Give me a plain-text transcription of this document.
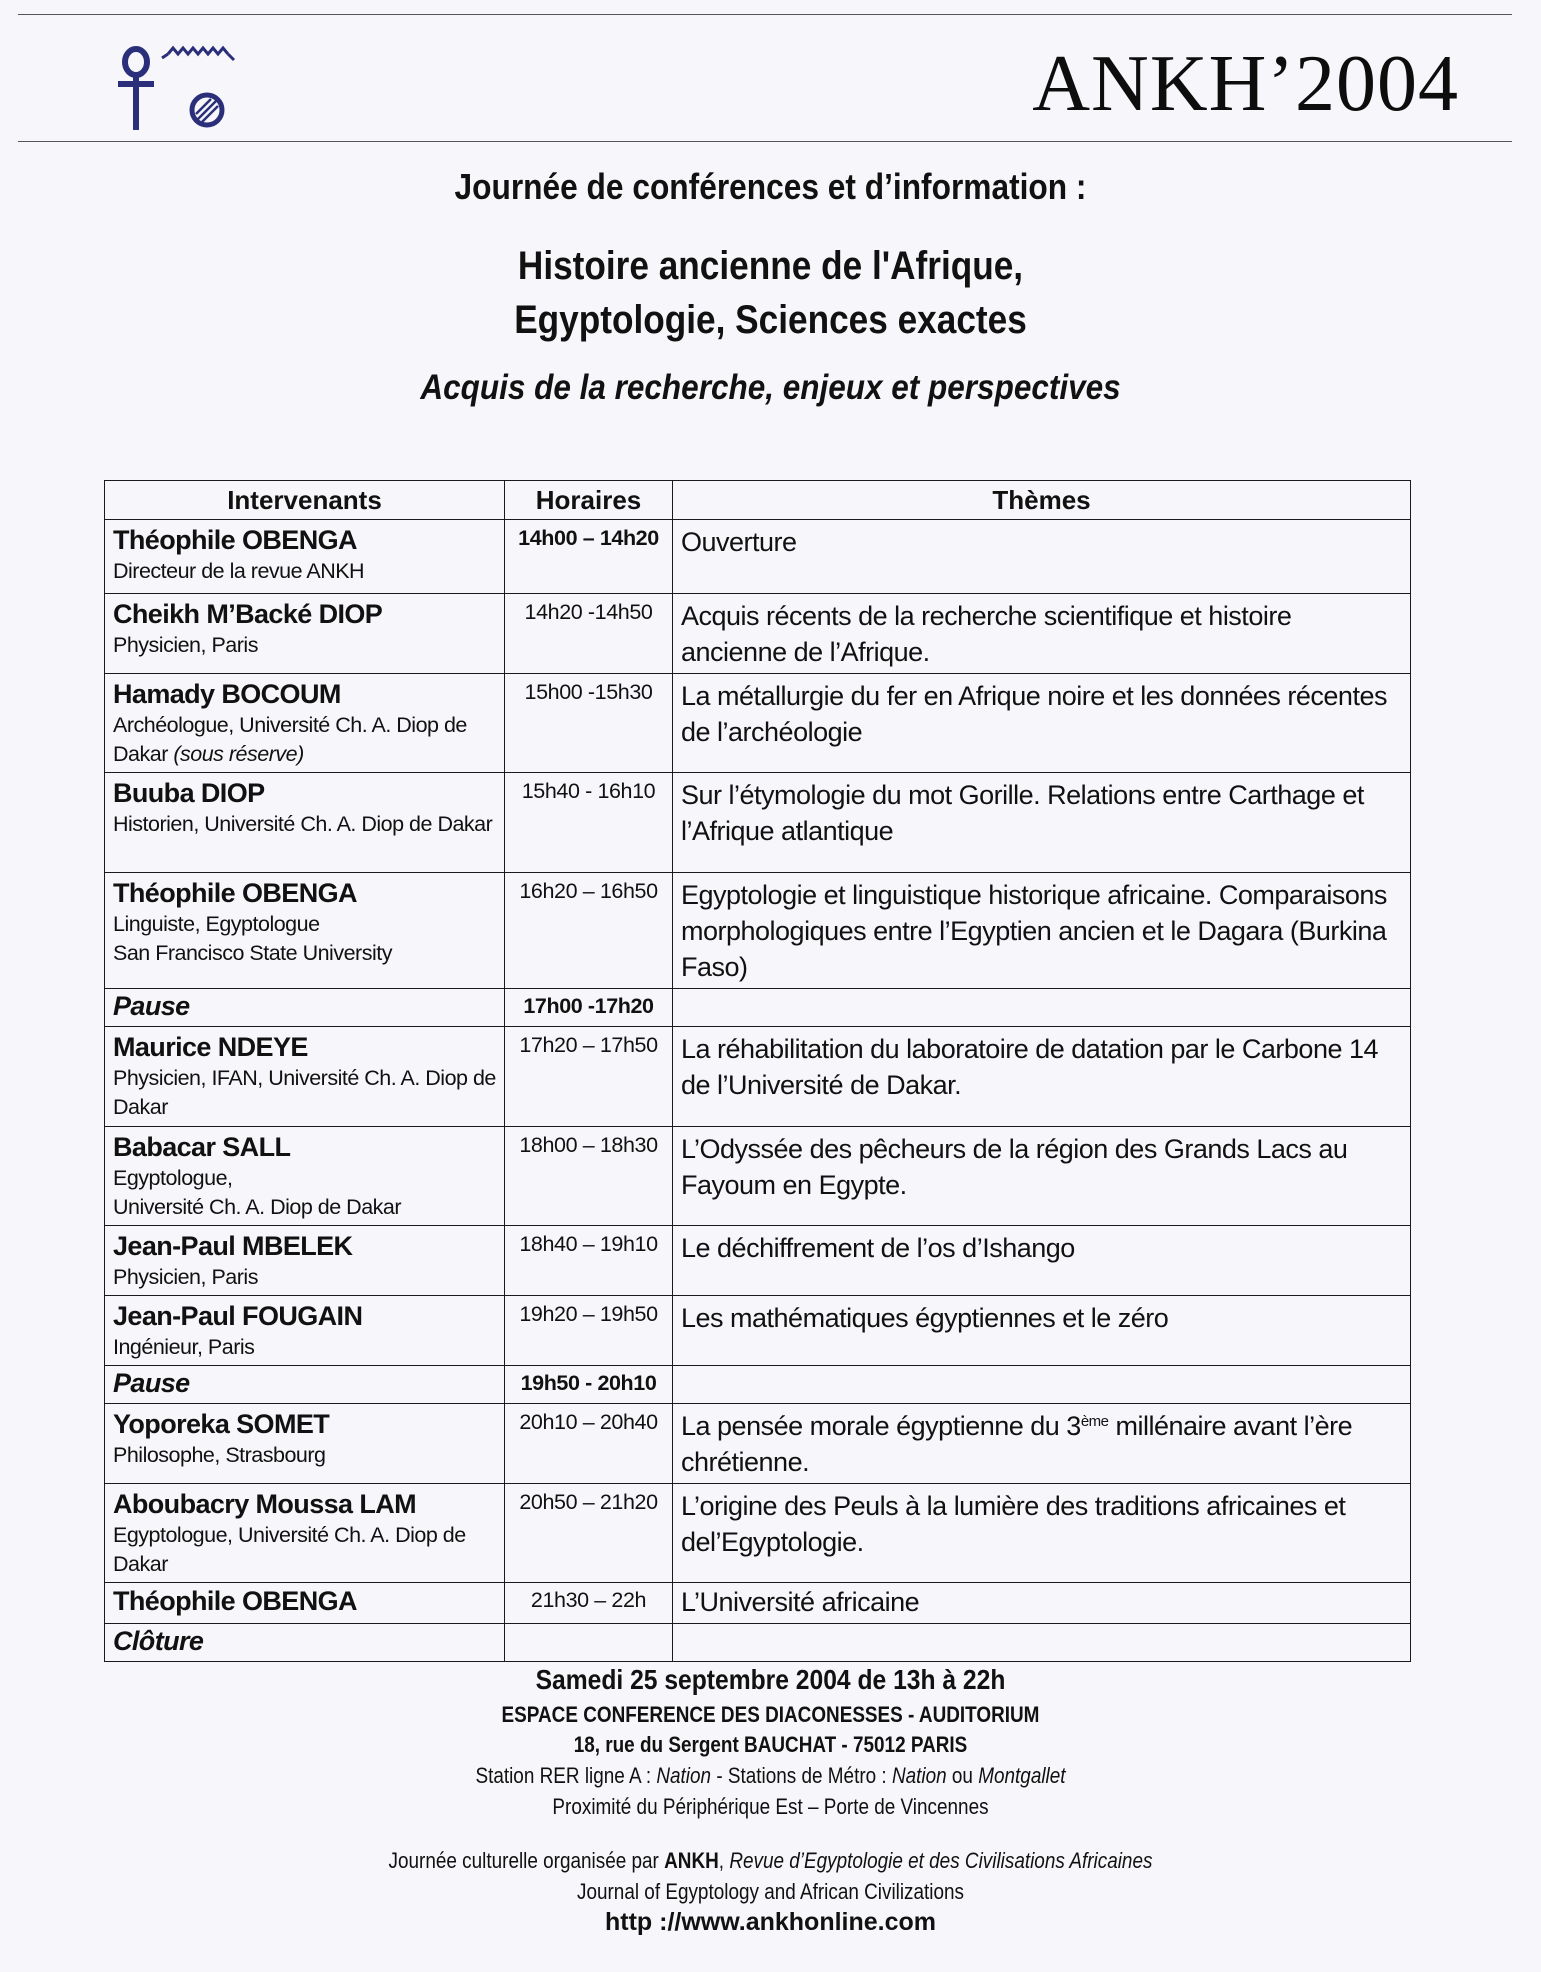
ANKH’2004
Journée de conférences et d’information :
Histoire ancienne de l'Afrique,
Egyptologie, Sciences exactes
Acquis de la recherche, enjeux et perspectives
Intervenants	Horaires	Thèmes

Théophile OBENGA
Directeur de la revue ANKH	14h00 – 14h20	Ouverture

Cheikh M’Backé DIOP
Physicien, Paris	14h20 -14h50	Acquis récents de la recherche scientifique et histoire ancienne de l’Afrique.

Hamady BOCOUM
Archéologue, Université Ch. A. Diop de Dakar (sous réserve)	15h00 -15h30	La métallurgie du fer en Afrique noire et les données récentes de l’archéologie

Buuba DIOP
Historien, Université Ch. A. Diop de Dakar	15h40 - 16h10	Sur l’étymologie du mot Gorille. Relations entre Carthage et l’Afrique atlantique

Théophile OBENGA
Linguiste, Egyptologue
San Francisco State University	16h20 – 16h50	Egyptologie et linguistique historique africaine. Comparaisons morphologiques entre l’Egyptien ancien et le Dagara (Burkina Faso)

Pause	17h00 -17h20	

Maurice NDEYE
Physicien, IFAN, Université Ch. A. Diop de Dakar	17h20 – 17h50	La réhabilitation du laboratoire de datation par le Carbone 14 de l’Université de Dakar.

Babacar SALL
Egyptologue,
Université Ch. A. Diop de Dakar	18h00 – 18h30	L’Odyssée des pêcheurs de la région des Grands Lacs au Fayoum en Egypte.

Jean-Paul MBELEK
Physicien, Paris	18h40 – 19h10	Le déchiffrement de l’os d’Ishango

Jean-Paul FOUGAIN
Ingénieur, Paris	19h20 – 19h50	Les mathématiques égyptiennes et le zéro

Pause	19h50 - 20h10	

Yoporeka SOMET
Philosophe, Strasbourg	20h10 – 20h40	La pensée morale égyptienne du 3ème millénaire avant l’ère chrétienne.

Aboubacry Moussa LAM
Egyptologue, Université Ch. A. Diop de Dakar	20h50 – 21h20	L’origine des Peuls à la lumière des traditions africaines et del’Egyptologie.

Théophile OBENGA	21h30 – 22h	L’Université africaine

Clôture		

Samedi 25 septembre 2004 de 13h à 22h
ESPACE CONFERENCE DES DIACONESSES - AUDITORIUM
18, rue du Sergent BAUCHAT - 75012 PARIS
Station RER ligne A : Nation - Stations de Métro : Nation ou Montgallet
Proximité du Périphérique Est – Porte de Vincennes
Journée culturelle organisée par ANKH, Revue d’Egyptologie et des Civilisations Africaines
Journal of Egyptology and African Civilizations
http ://www.ankhonline.com
